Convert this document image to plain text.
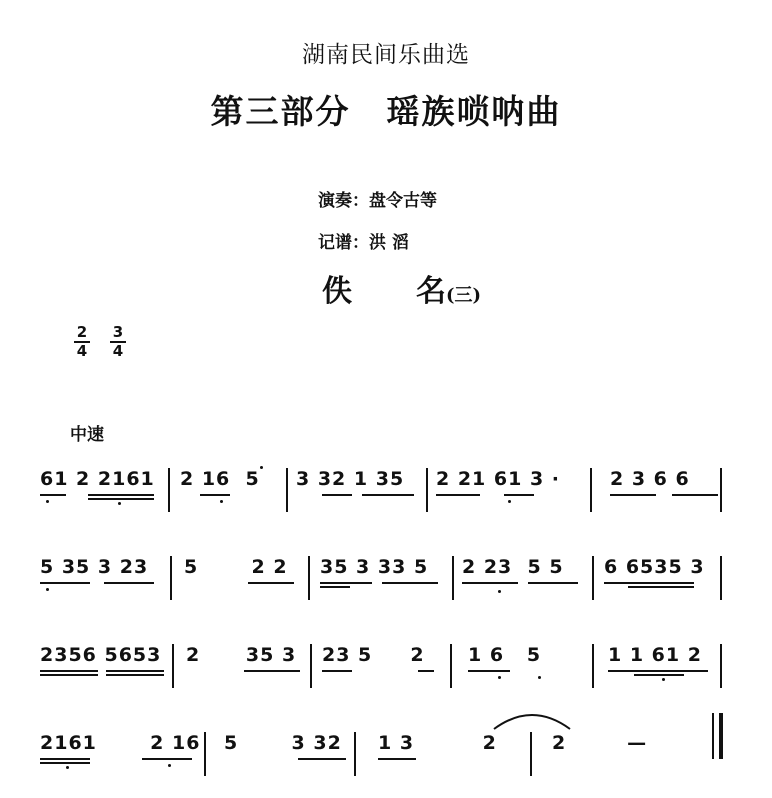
湖南民间乐曲选
第三部分 瑶族唢呐曲
演奏：盘令古等
记谱：洪 滔
佚 名(三)
2
4
3
4
中速
61 2 2161 2 16  5 3 32 1 35 2 21 61 3 ·	2 3 6 6
5 35 3 23 5       2 2 35 3 33 5 2 23  5 5 6 6535 3
2356 5653 2      35 3 23 5     2 1 6   5	1 1 61 2
2161       2 16 5       3 32 1 3         2	2        —
